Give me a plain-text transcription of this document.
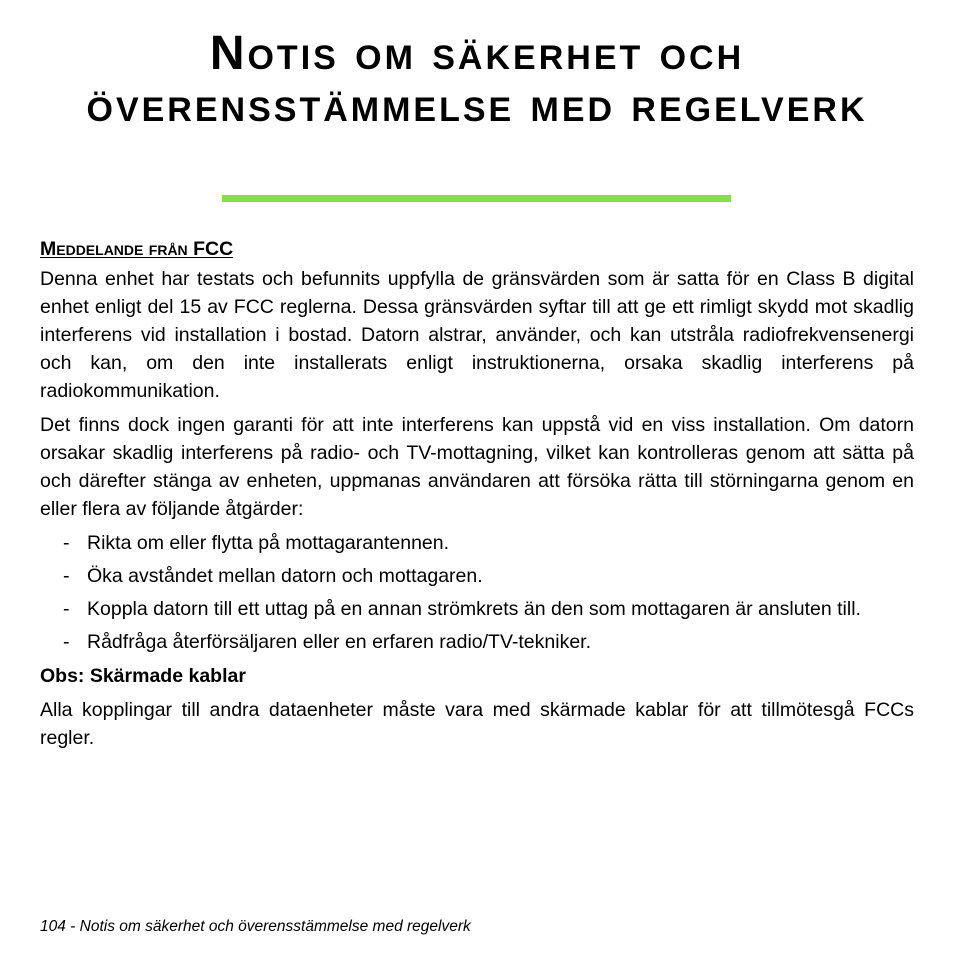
Notis om säkerhet och överensstämmelse med regelverk
Meddelande från FCC

Denna enhet har testats och befunnits uppfylla de gränsvärden som är satta för en Class B digital enhet enligt del 15 av FCC reglerna. Dessa gränsvärden syftar till att ge ett rimligt skydd mot skadlig interferens vid installation i bostad. Datorn alstrar, använder, och kan utstråla radiofrekvensenergi och kan, om den inte installerats enligt instruktionerna, orsaka skadlig interferens på radiokommunikation.

Det finns dock ingen garanti för att inte interferens kan uppstå vid en viss installation. Om datorn orsakar skadlig interferens på radio- och TV-mottagning, vilket kan kontrolleras genom att sätta på och därefter stänga av enheten, uppmanas användaren att försöka rätta till störningarna genom en eller flera av följande åtgärder:

- Rikta om eller flytta på mottagarantennen.
- Öka avståndet mellan datorn och mottagaren.
- Koppla datorn till ett uttag på en annan strömkrets än den som mottagaren är ansluten till.
- Rådfråga återförsäljaren eller en erfaren radio/TV-tekniker.
Obs: Skärmade kablar

Alla kopplingar till andra dataenheter måste vara med skärmade kablar för att tillmötesgå FCCs regler.

104 - Notis om säkerhet och överensstämmelse med regelverk
